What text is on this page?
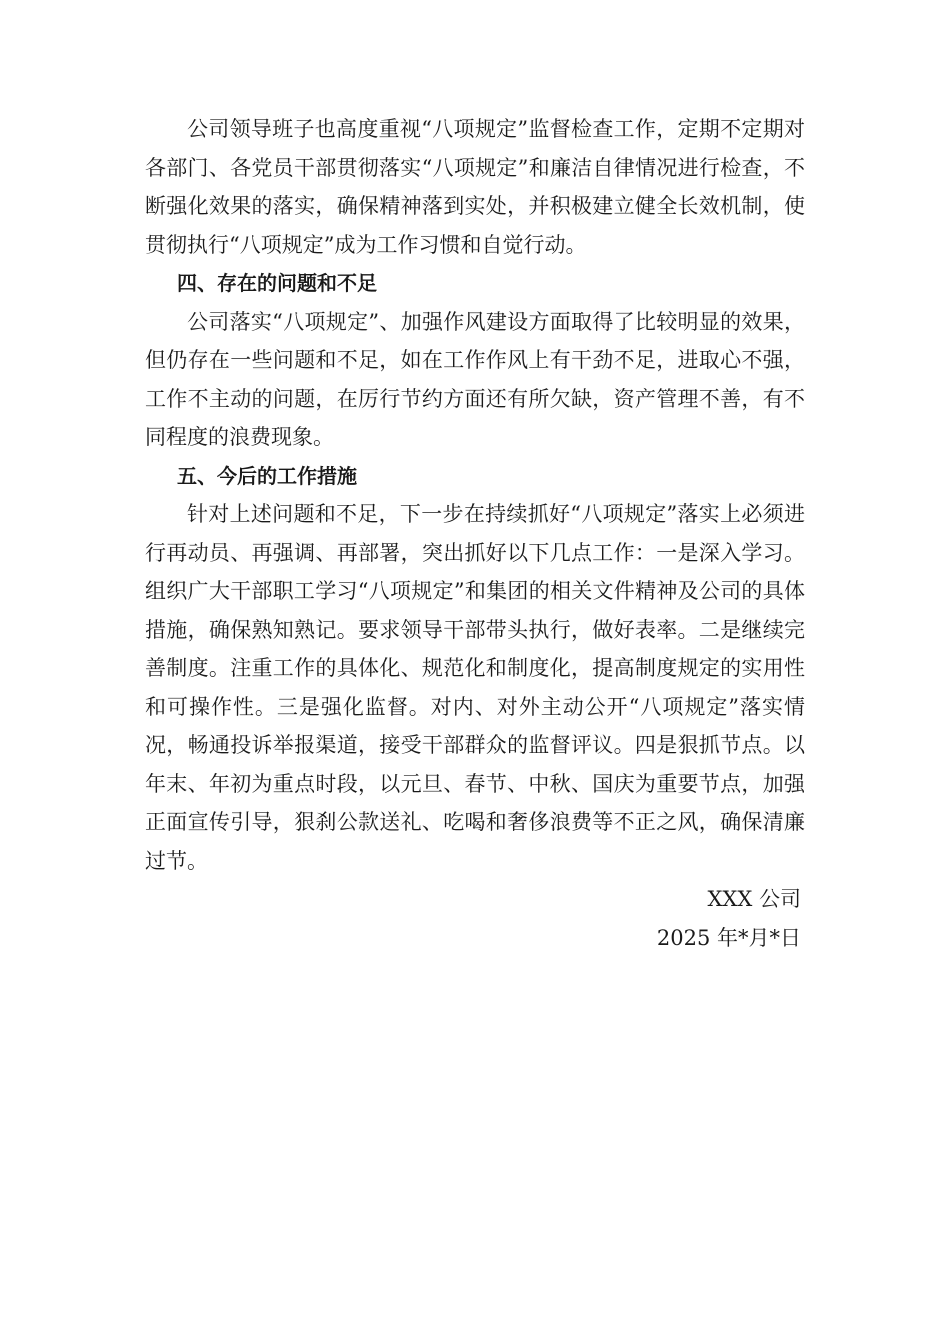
公司领导班子也高度重视“八项规定”监督检查工作，定期不定期对各部门、各党员干部贯彻落实“八项规定”和廉洁自律情况进行检查，不断强化效果的落实，确保精神落到实处，并积极建立健全长效机制，使贯彻执行“八项规定”成为工作习惯和自觉行动。

四、存在的问题和不足

公司落实“八项规定”、加强作风建设方面取得了比较明显的效果，但仍存在一些问题和不足，如在工作作风上有干劲不足，进取心不强，工作不主动的问题，在厉行节约方面还有所欠缺，资产管理不善，有不同程度的浪费现象。

五、今后的工作措施

针对上述问题和不足，下一步在持续抓好“八项规定”落实上必须进行再动员、再强调、再部署，突出抓好以下几点工作：一是深入学习。组织广大干部职工学习“八项规定”和集团的相关文件精神及公司的具体措施，确保熟知熟记。要求领导干部带头执行，做好表率。二是继续完善制度。注重工作的具体化、规范化和制度化，提高制度规定的实用性和可操作性。三是强化监督。对内、对外主动公开“八项规定”落实情况，畅通投诉举报渠道，接受干部群众的监督评议。四是狠抓节点。以年末、年初为重点时段，以元旦、春节、中秋、国庆为重要节点，加强正面宣传引导，狠刹公款送礼、吃喝和奢侈浪费等不正之风，确保清廉过节。

XXX 公司

2025 年*月*日
